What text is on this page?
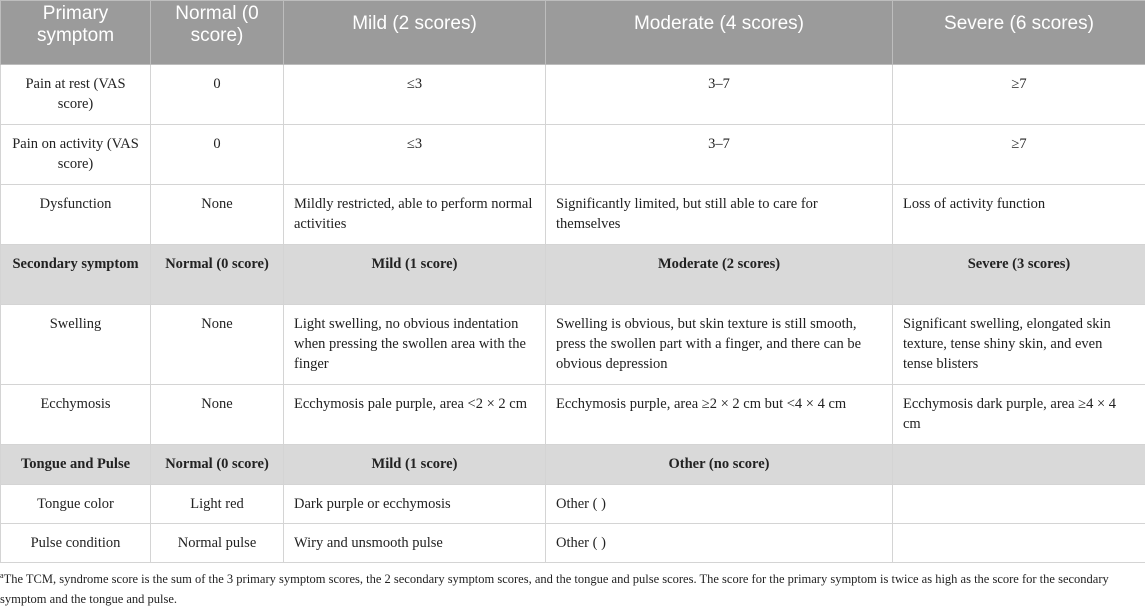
Primary symptom	Normal (0 score)	Mild (2 scores)	Moderate (4 scores)	Severe (6 scores)
Pain at rest (VAS score)	0	≤3	3–7	≥7
Pain on activity (VAS score)	0	≤3	3–7	≥7
Dysfunction	None	Mildly restricted, able to perform normal activities	Significantly limited, but still able to care for themselves	Loss of activity function
Secondary symptom	Normal (0 score)	Mild (1 score)	Moderate (2 scores)	Severe (3 scores)
Swelling	None	Light swelling, no obvious indentation when pressing the swollen area with the finger	Swelling is obvious, but skin texture is still smooth, press the swollen part with a finger, and there can be obvious depression	Significant swelling, elongated skin texture, tense shiny skin, and even tense blisters
Ecchymosis	None	Ecchymosis pale purple, area <2 × 2 cm	Ecchymosis purple, area ≥2 × 2 cm but <4 × 4 cm	Ecchymosis dark purple, area ≥4 × 4 cm
Tongue and Pulse	Normal (0 score)	Mild (1 score)	Other (no score)	
Tongue color	Light red	Dark purple or ecchymosis	Other ( )	
Pulse condition	Normal pulse	Wiry and unsmooth pulse	Other ( )	

$^a$The TCM, syndrome score is the sum of the 3 primary symptom scores, the 2 secondary symptom scores, and the tongue and pulse scores. The score for the primary symptom is twice as high as the score for the secondary symptom and the tongue and pulse.
